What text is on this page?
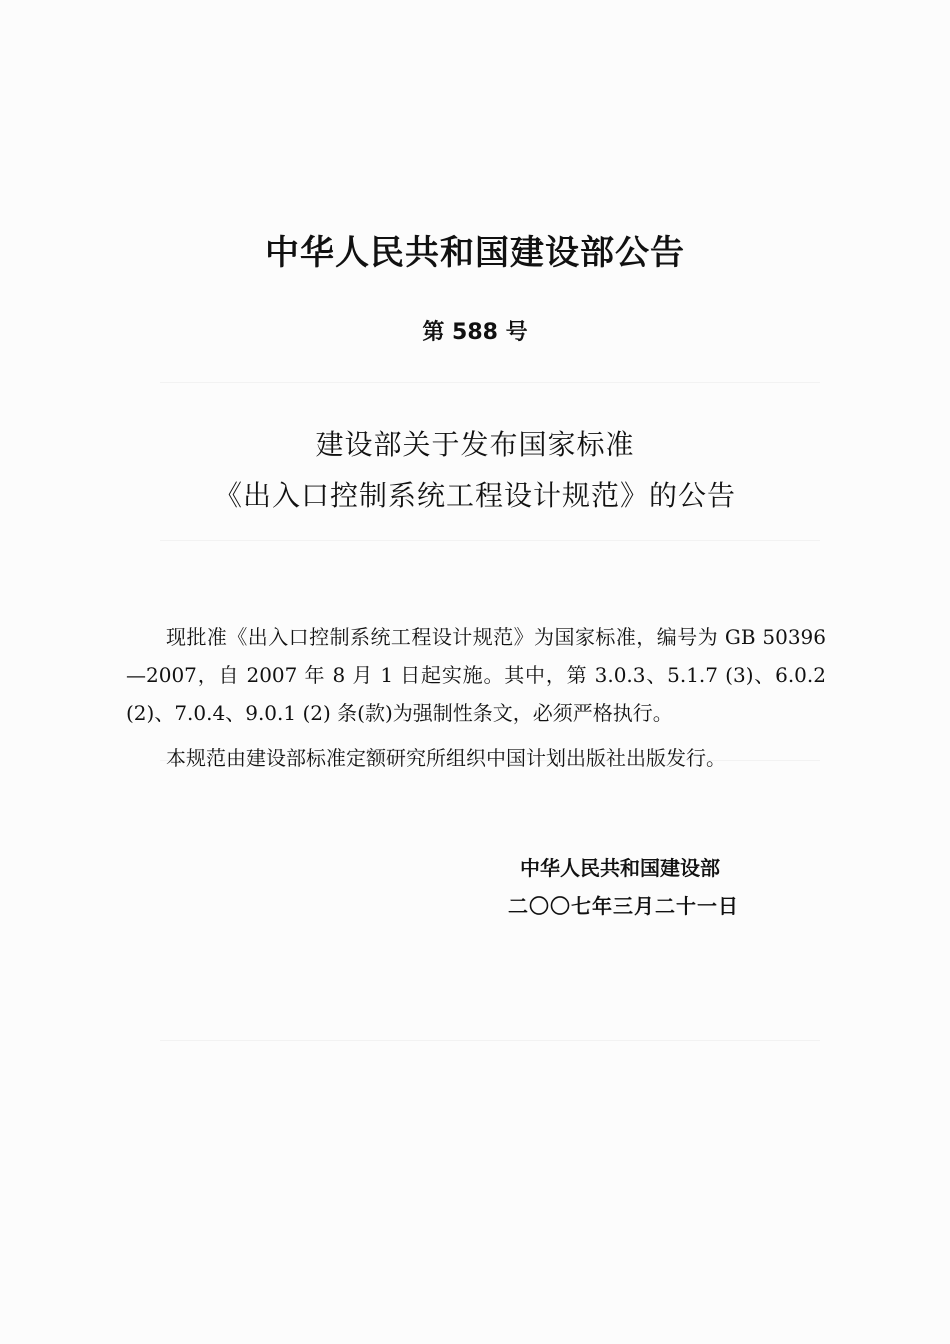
中华人民共和国建设部公告
第 588 号
建设部关于发布国家标准
《出入口控制系统工程设计规范》的公告

现批准《出入口控制系统工程设计规范》为国家标准，编号为 GB 50396—2007，自 2007 年 8 月 1 日起实施。其中，第 3.0.3、5.1.7 (3)、6.0.2 (2)、7.0.4、9.0.1 (2) 条(款)为强制性条文，必须严格执行。

本规范由建设部标准定额研究所组织中国计划出版社出版发行。

中华人民共和国建设部
二〇〇七年三月二十一日
